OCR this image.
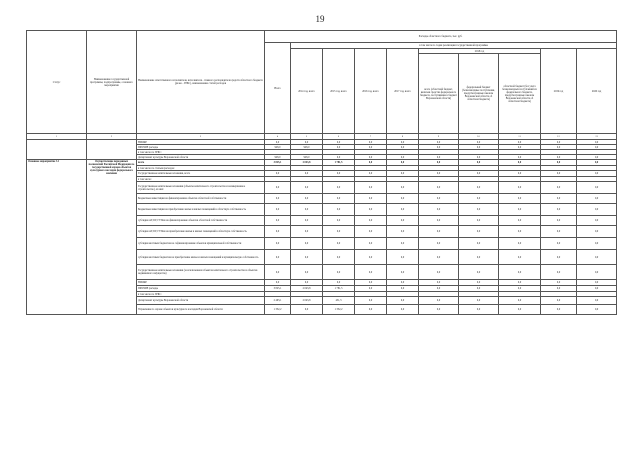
19
Статус	Наименование государственной программы, подпрограммы, основного мероприятия	Наименование ответственного исполнителя, исполнителя - главного распорядителя средств областного бюджета (далее - ГРБС), наименование статей расходов	Расходы областного бюджета, тыс. руб.									
			Всего	в том числе по годам реализации государственной программы								
				2014 год, всего	2015 год, всего	2016 год, всего	2017 год, всего	2018 год			2019 год	2020 год
								всего (областной бюджет, включая средства федерального бюджета, поступившие в бюджет Воронежской области)	федеральный бюджет (безвозмездные поступления, предусмотренные законом Воронежской области об областном бюджете)	областной бюджет (без учета безвозмездных поступлений из федерального бюджета, предусмотренные законом Воронежской области об областном бюджете)		
1	2	3	4	5	6	7	8	9	10	11	12	13
		НИОКР	0,0	0,0	0,0	0,0	0,0	0,0	0,0	0,0	0,0	0,0
		ПРОЧИЕ расходы	928,0	928,0	0,0	0,0	0,0	0,0	0,0	0,0	0,0	0,0
		в том числе по ГРБС:										
		Департамент культуры Воронежской области	928,0	928,0	0,0	0,0	0,0	0,0	0,0	0,0	0,0	0,0
Основное мероприятие 3.1	Осуществление переданных полномочий Российской Федерации по государственной охране объектов культурного наследия федерального значения	всего	3 825,1	2 043,8	1 781,5	0,0	0,0	0,0	0,0	0,0	0,0	0,0
		в том числе по статьям расходов:										
		Государственные капитальные вложения, всего	0,0	0,0	0,0	0,0	0,0	0,0	0,0	0,0	0,0	0,0
		в том числе:										
		Государственные капитальные вложения (объекты капитального строительства и незавершенное строительство), из них:	0,0	0,0	0,0	0,0	0,0	0,0	0,0	0,0	0,0	0,0
		Бюджетные инвестиции на финансирование объектов областной собственности	0,0	0,0	0,0	0,0	0,0	0,0	0,0	0,0	0,0	0,0
		Бюджетные инвестиции на приобретение жилья и жилых помещений в областную собственность	0,0	0,0	0,0	0,0	0,0	0,0	0,0	0,0	0,0	0,0
		субсидии АУ, БУ, ГУПам на финансирование объектов областной собственности	0,0	0,0	0,0	0,0	0,0	0,0	0,0	0,0	0,0	0,0
		субсидии АУ, БУ, ГУПам на приобретение жилья и жилых помещений в областную собственность	0,0	0,0	0,0	0,0	0,0	0,0	0,0	0,0	0,0	0,0
		субсидии местным бюджетам на софинансирование объектов муниципальной собственности	0,0	0,0	0,0	0,0	0,0	0,0	0,0	0,0	0,0	0,0
		субсидии местным бюджетам на приобретение жилья и жилых помещений в муниципальную собственность	0,0	0,0	0,0	0,0	0,0	0,0	0,0	0,0	0,0	0,0
		Государственные капитальные вложения (за исключением объектов капитального строительства и объектов недвижимого имущества)	0,0	0,0	0,0	0,0	0,0	0,0	0,0	0,0	0,0	0,0
		НИОКР	0,0	0,0	0,0	0,0	0,0	0,0	0,0	0,0	0,0	0,0
		ПРОЧИЕ расходы	3 825,1	2 043,8	1 781,5	0,0	0,0	0,0	0,0	0,0	0,0	0,0
		в том числе по ГРБС:										
		Департамент культуры Воронежской области	2 493,1	2 043,8	451,3	0,0	0,0	0,0	0,0	0,0	0,0	0,0
		Управление по охране объектов культурного наследия Воронежской области	1 332,2	0,0	1 332,2	0,0	0,0	0,0	0,0	0,0	0,0	0,0
